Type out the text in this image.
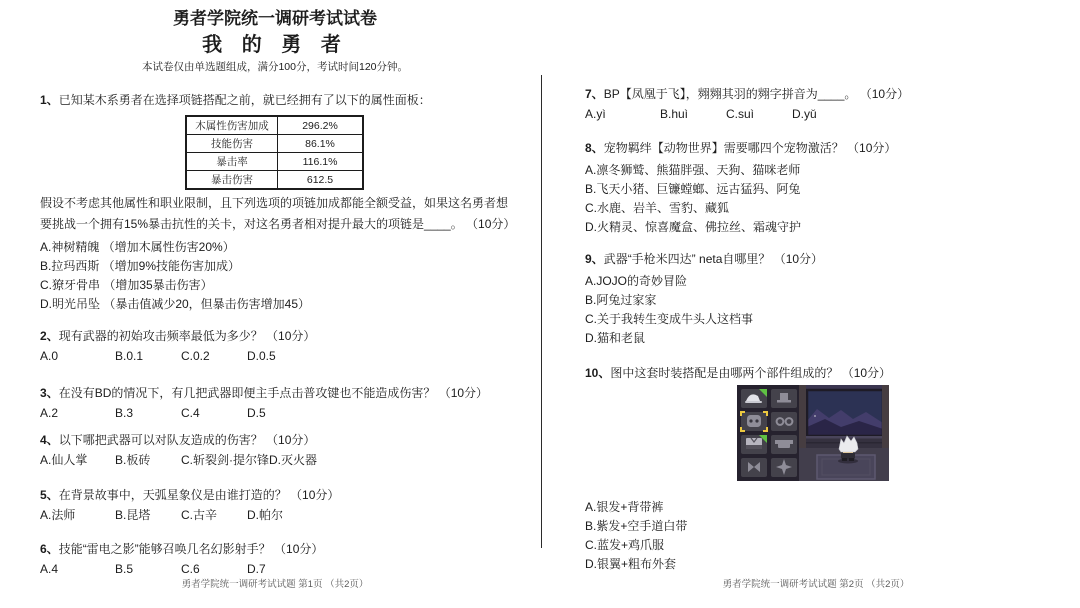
勇者学院统一调研考试试卷
我 的 勇 者
本试卷仅由单选题组成，满分100分，考试时间120分钟。
1、已知某木系勇者在选择项链搭配之前，就已经拥有了以下的属性面板：
木属性伤害加成	296.2%
技能伤害	86.1%
暴击率	116.1%
暴击伤害	612.5
假设不考虑其他属性和职业限制，且下列选项的项链加成都能全额受益，如果这名勇者想要挑战一个拥有15%暴击抗性的关卡，对这名勇者相对提升最大的项链是____。 （10分）
A.神树精魄 （增加木属性伤害20%）
B.拉玛西斯 （增加9%技能伤害加成）
C.獠牙骨串 （增加35暴击伤害）
D.明光吊坠 （暴击值减少20，但暴击伤害增加45）
2、现有武器的初始攻击频率最低为多少？ （10分）
A.0	B.0.1	C.0.2	D.0.5
3、在没有BD的情况下，有几把武器即便主手点击普攻键也不能造成伤害？ （10分）
A.2	B.3	C.4	D.5
4、以下哪把武器可以对队友造成的伤害？ （10分）
A.仙人掌 B.板砖	C.斩裂剑·提尔锋D.灭火器
5、在背景故事中，天弧星象仪是由谁打造的？ （10分）
A.法师	B.昆塔	C.古辛 D.帕尔
6、技能“雷电之影”能够召唤几名幻影射手？ （10分）
A.4	B.5	C.6	D.7
7、BP【凤凰于飞】，翙翙其羽的翙字拼音为____。 （10分）
A.yì	B.huì	C.suì	D.yǔ
8、宠物羁绊【动物世界】需要哪四个宠物激活？ （10分）
A.凛冬狮鹫、熊猫胖强、天狗、猫咪老师
B.飞天小猪、巨镰螳螂、远古猛犸、阿兔
C.水鹿、岩羊、雪豹、藏狐
D.火精灵、惊喜魔盒、佛拉丝、霜魂守护
9、武器“手枪米四达” neta自哪里？ （10分）
A.JOJO的奇妙冒险
B.阿兔过家家
C.关于我转生变成牛头人这档事
D.猫和老鼠
10、图中这套时装搭配是由哪两个部件组成的？ （10分）
A.银发+背带裤
B.紫发+空手道白带
C.蓝发+鸡爪服
D.银翼+粗布外套
勇者学院统一调研考试试题 第1页 （共2页）	勇者学院统一调研考试试题 第2页 （共2页）
